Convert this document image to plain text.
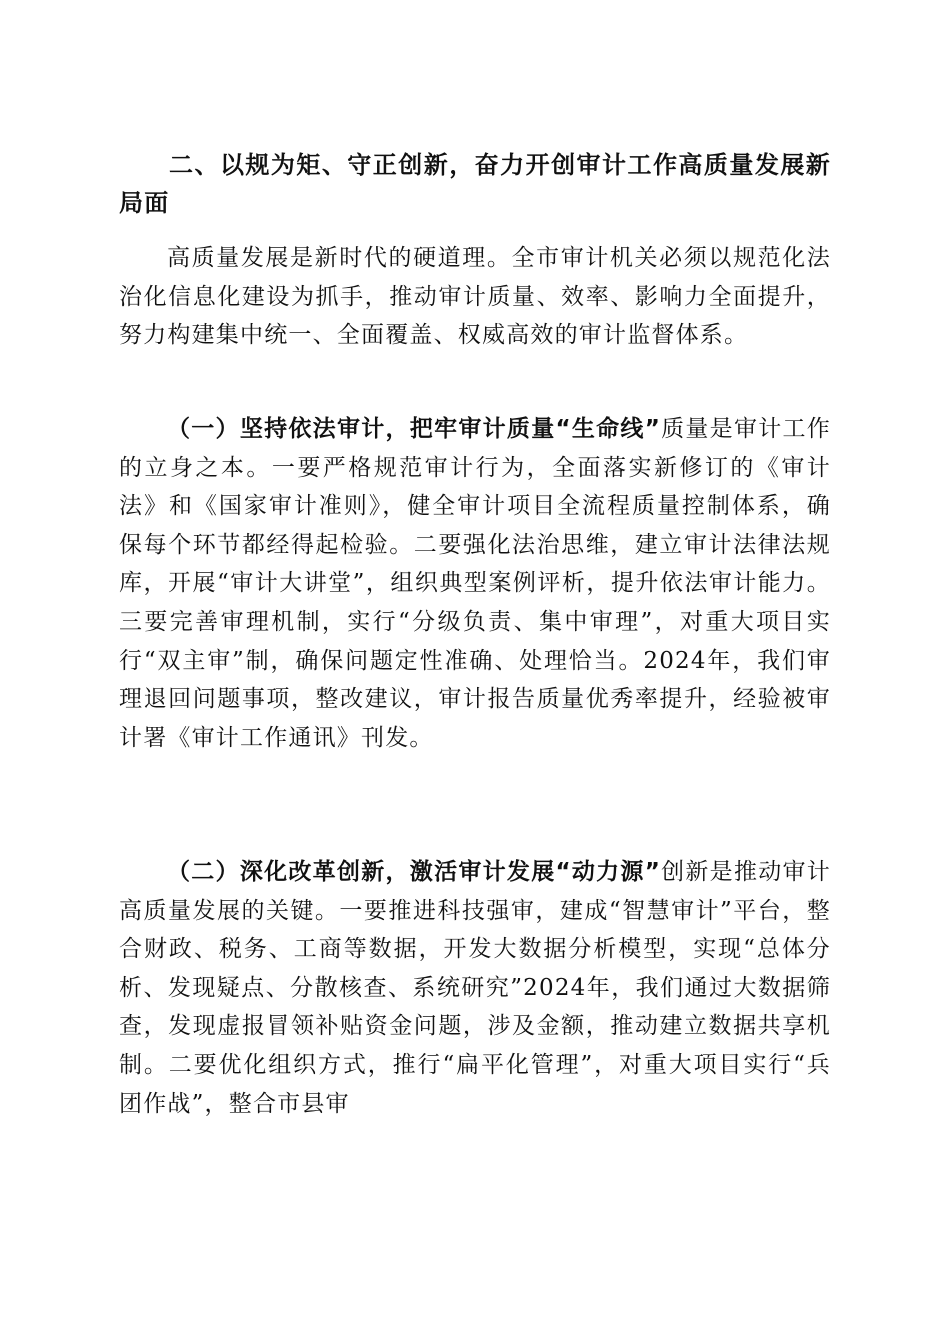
二、以规为矩、守正创新，奋力开创审计工作高质量发展新局面
高质量发展是新时代的硬道理。全市审计机关必须以规范化法治化信息化建设为抓手，推动审计质量、效率、影响力全面提升，努力构建集中统一、全面覆盖、权威高效的审计监督体系。
（一）坚持依法审计，把牢审计质量“生命线”质量是审计工作的立身之本。一要严格规范审计行为，全面落实新修订的《审计法》和《国家审计准则》，健全审计项目全流程质量控制体系，确保每个环节都经得起检验。二要强化法治思维，建立审计法律法规库，开展“审计大讲堂”，组织典型案例评析，提升依法审计能力。三要完善审理机制，实行“分级负责、集中审理”，对重大项目实行“双主审”制，确保问题定性准确、处理恰当。2024年，我们审理退回问题事项，整改建议，审计报告质量优秀率提升，经验被审计署《审计工作通讯》刊发。
（二）深化改革创新，激活审计发展“动力源”创新是推动审计高质量发展的关键。一要推进科技强审，建成“智慧审计”平台，整合财政、税务、工商等数据，开发大数据分析模型，实现“总体分析、发现疑点、分散核查、系统研究”2024年，我们通过大数据筛查，发现虚报冒领补贴资金问题，涉及金额，推动建立数据共享机制。二要优化组织方式，推行“扁平化管理”，对重大项目实行“兵团作战”，整合市县审
